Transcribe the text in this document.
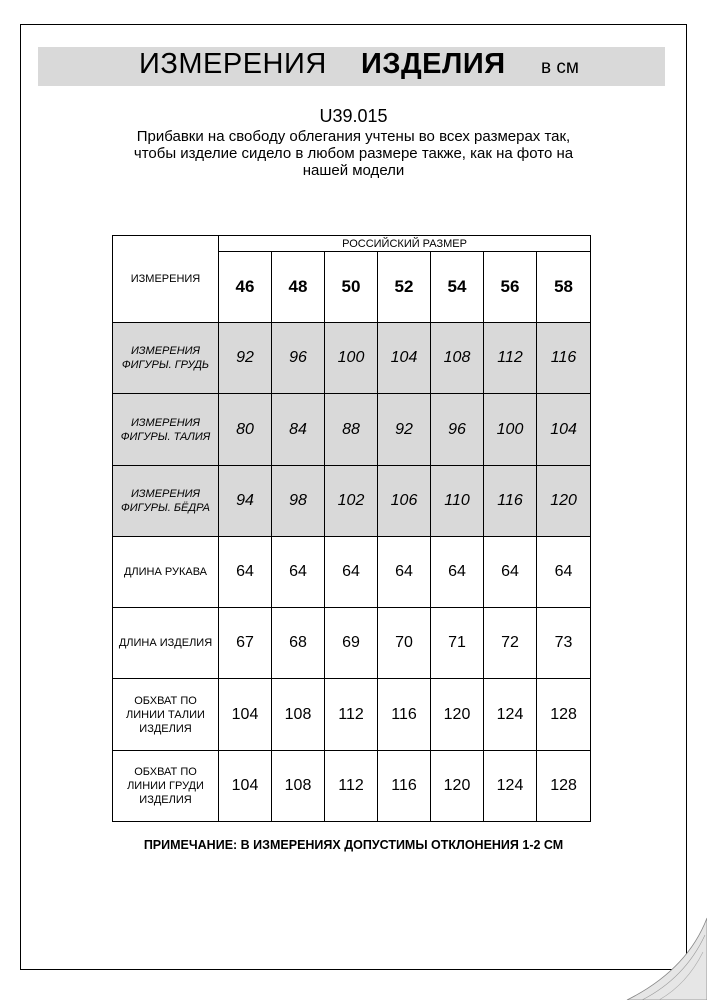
ИЗМЕРЕНИЯ ИЗДЕЛИЯ в см
U39.015
Прибавки на свободу облегания учтены во всех размерах так,
чтобы изделие сидело в любом размере также, как на фото на
нашей модели
ИЗМЕРЕНИЯ	РОССИЙСКИЙ РАЗМЕР						
	46	48	50	52	54	56	58

ИЗМЕРЕНИЯ
ФИГУРЫ. ГРУДЬ	92	96	100	104	108	112	116

ИЗМЕРЕНИЯ
ФИГУРЫ. ТАЛИЯ	80	84	88	92	96	100	104

ИЗМЕРЕНИЯ
ФИГУРЫ. БЁДРА	94	98	102	106	110	116	120

ДЛИНА РУКАВА	64	64	64	64	64	64	64

ДЛИНА ИЗДЕЛИЯ	67	68	69	70	71	72	73

ОБХВАТ ПО
ЛИНИИ ТАЛИИ
ИЗДЕЛИЯ	104	108	112	116	120	124	128

ОБХВАТ ПО
ЛИНИИ ГРУДИ
ИЗДЕЛИЯ	104	108	112	116	120	124	128
ПРИМЕЧАНИЕ: В ИЗМЕРЕНИЯХ ДОПУСТИМЫ ОТКЛОНЕНИЯ 1-2 СМ
